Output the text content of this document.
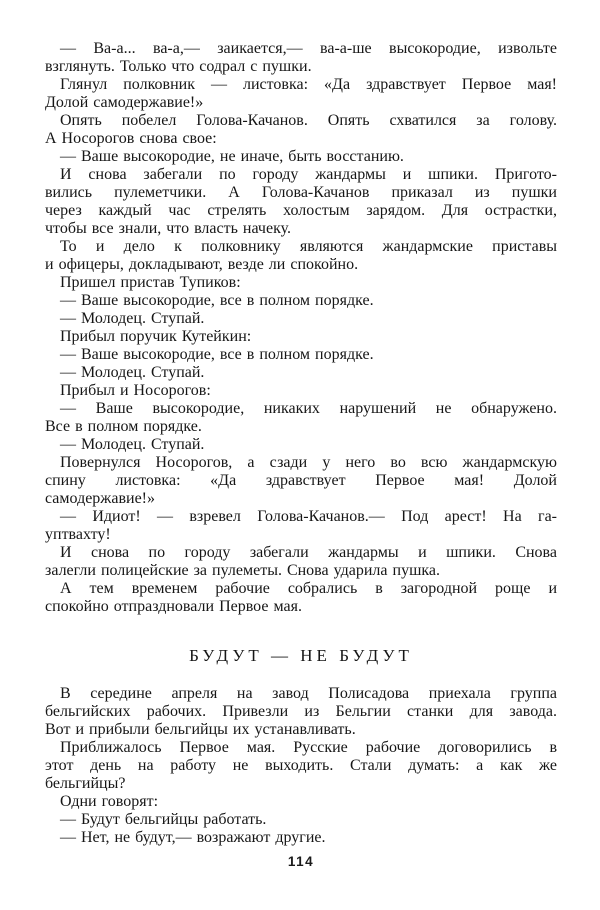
— Ва-а... ва-а,— заикается,— ва-а-ше высокородие, извольте
взглянуть. Только что содрал с пушки.

Глянул полковник — листовка: «Да здравствует Первое мая!
Долой самодержавие!»

Опять побелел Голова-Качанов. Опять схватился за голову.
А Носорогов снова свое:

— Ваше высокородие, не иначе, быть восстанию.

И снова забегали по городу жандармы и шпики. Пригото-
вились пулеметчики. А Голова-Качанов приказал из пушки
через каждый час стрелять холостым зарядом. Для острастки,
чтобы все знали, что власть начеку.

То и дело к полковнику являются жандармские приставы
и офицеры, докладывают, везде ли спокойно.

Пришел пристав Тупиков:

— Ваше высокородие, все в полном порядке.

— Молодец. Ступай.

Прибыл поручик Кутейкин:

— Ваше высокородие, все в полном порядке.

— Молодец. Ступай.

Прибыл и Носорогов:

— Ваше высокородие, никаких нарушений не обнаружено.
Все в полном порядке.

— Молодец. Ступай.

Повернулся Носорогов, а сзади у него во всю жандармскую
спину листовка: «Да здравствует Первое мая! Долой
самодержавие!»

— Идиот! — взревел Голова-Качанов.— Под арест! На га-
уптвахту!

И снова по городу забегали жандармы и шпики. Снова
залегли полицейские за пулеметы. Снова ударила пушка.

А тем временем рабочие собрались в загородной роще и
спокойно отпраздновали Первое мая.

БУДУТ — НЕ БУДУТ

В середине апреля на завод Полисадова приехала группа
бельгийских рабочих. Привезли из Бельгии станки для завода.
Вот и прибыли бельгийцы их устанавливать.

Приближалось Первое мая. Русские рабочие договорились в
этот день на работу не выходить. Стали думать: а как же
бельгийцы?

Одни говорят:

— Будут бельгийцы работать.

— Нет, не будут,— возражают другие.

114
